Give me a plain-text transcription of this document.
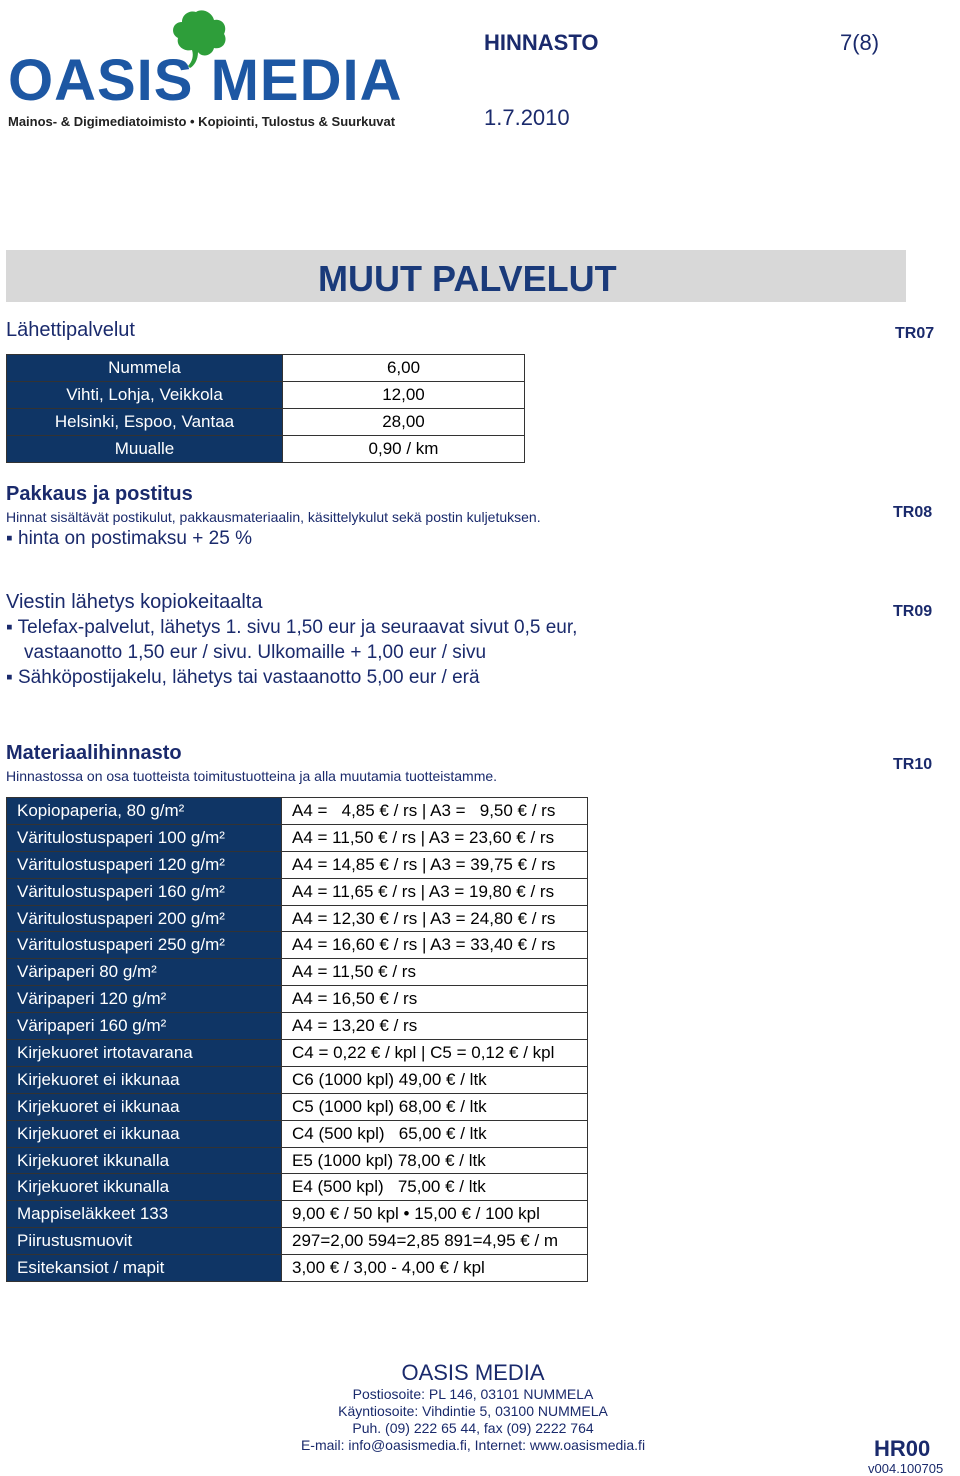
OASIS MEDIA
Mainos- & Digimediatoimisto • Kopiointi, Tulostus & Suurkuvat
HINNASTO	7(8)
1.7.2010
MUUT PALVELUT
Lähettipalvelut	TR07
Nummela	6,00
Vihti, Lohja, Veikkola	12,00
Helsinki, Espoo, Vantaa	28,00
Muualle	0,90 / km
Pakkaus ja postitus
Hinnat sisältävät postikulut, pakkausmateriaalin, käsittelykulut sekä postin kuljetuksen.
▪ hinta on postimaksu + 25 %
TR08
Viestin lähetys kopiokeitaalta
▪ Telefax-palvelut, lähetys 1. sivu 1,50 eur ja seuraavat sivut 0,5 eur,
vastaanotto 1,50 eur / sivu. Ulkomaille + 1,00 eur / sivu
▪ Sähköpostijakelu, lähetys tai vastaanotto 5,00 eur / erä
TR09
Materiaalihinnasto
Hinnastossa on osa tuotteista toimitustuotteina ja alla muutamia tuotteistamme.
TR10
Kopiopaperia, 80 g/m²	A4 =   4,85 € / rs | A3 =   9,50 € / rs
Väritulostuspaperi 100 g/m²	A4 = 11,50 € / rs | A3 = 23,60 € / rs
Väritulostuspaperi 120 g/m²	A4 = 14,85 € / rs | A3 = 39,75 € / rs
Väritulostuspaperi 160 g/m²	A4 = 11,65 € / rs | A3 = 19,80 € / rs
Väritulostuspaperi 200 g/m²	A4 = 12,30 € / rs | A3 = 24,80 € / rs
Väritulostuspaperi 250 g/m²	A4 = 16,60 € / rs | A3 = 33,40 € / rs
Väripaperi 80 g/m²	A4 = 11,50 € / rs
Väripaperi 120 g/m²	A4 = 16,50 € / rs
Väripaperi 160 g/m²	A4 = 13,20 € / rs
Kirjekuoret irtotavarana	C4 = 0,22 € / kpl | C5 = 0,12 € / kpl
Kirjekuoret ei ikkunaa	C6 (1000 kpl) 49,00 € / ltk
Kirjekuoret ei ikkunaa	C5 (1000 kpl) 68,00 € / ltk
Kirjekuoret ei ikkunaa	C4 (500 kpl)   65,00 € / ltk
Kirjekuoret ikkunalla	E5 (1000 kpl) 78,00 € / ltk
Kirjekuoret ikkunalla	E4 (500 kpl)   75,00 € / ltk
Mappiseläkkeet 133	9,00 € / 50 kpl • 15,00 € / 100 kpl
Piirustusmuovit	297=2,00 594=2,85 891=4,95 € / m
Esitekansiot / mapit	3,00 € / 3,00 - 4,00 € / kpl
OASIS MEDIA
Postiosoite: PL 146, 03101 NUMMELA
Käyntiosoite: Vihdintie 5, 03100 NUMMELA
Puh. (09) 222 65 44, fax (09) 2222 764
E-mail: info@oasismedia.fi, Internet: www.oasismedia.fi	HR00
v004.100705
